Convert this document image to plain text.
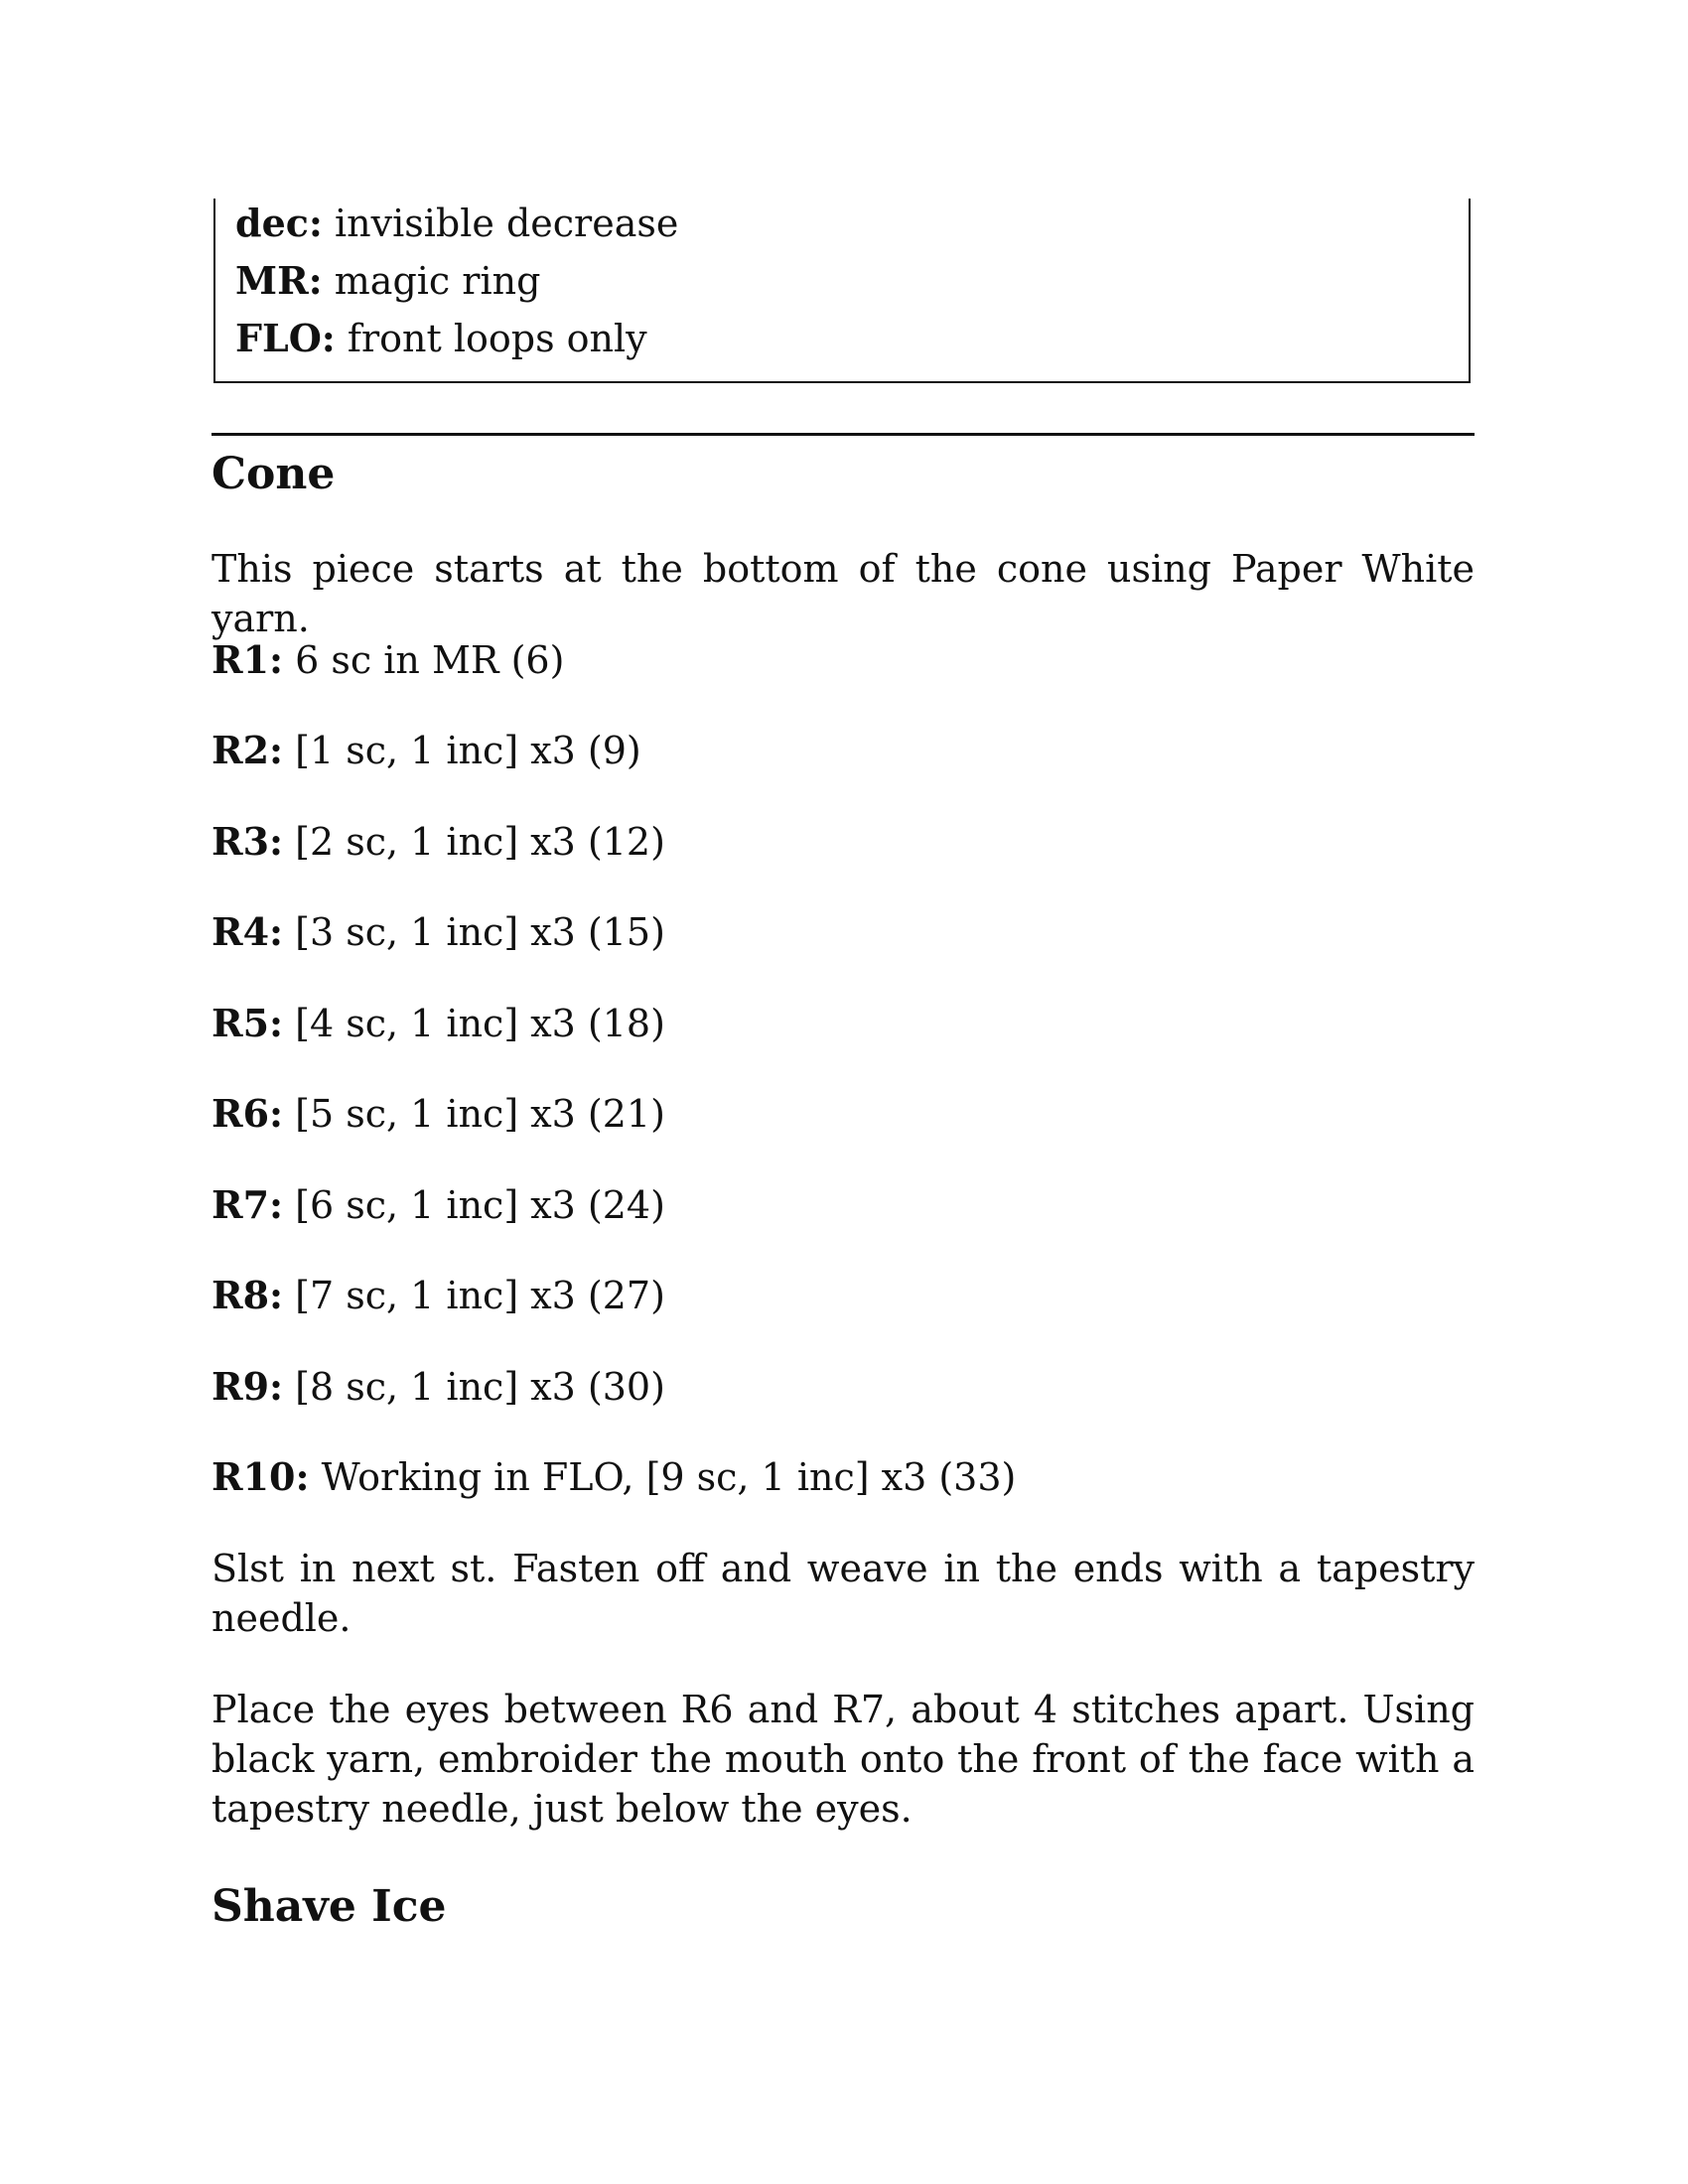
dec: invisible decrease
MR: magic ring
FLO: front loops only
Cone
This piece starts at the bottom of the cone using Paper White yarn.
R1: 6 sc in MR (6)
R2: [1 sc, 1 inc] x3 (9)
R3: [2 sc, 1 inc] x3 (12)
R4: [3 sc, 1 inc] x3 (15)
R5: [4 sc, 1 inc] x3 (18)
R6: [5 sc, 1 inc] x3 (21)
R7: [6 sc, 1 inc] x3 (24)
R8: [7 sc, 1 inc] x3 (27)
R9: [8 sc, 1 inc] x3 (30)
R10: Working in FLO, [9 sc, 1 inc] x3 (33)
Slst in next st. Fasten off and weave in the ends with a tapestry needle.
Place the eyes between R6 and R7, about 4 stitches apart. Using black yarn, embroider the mouth onto the front of the face with a tapestry needle, just below the eyes.
Shave Ice
